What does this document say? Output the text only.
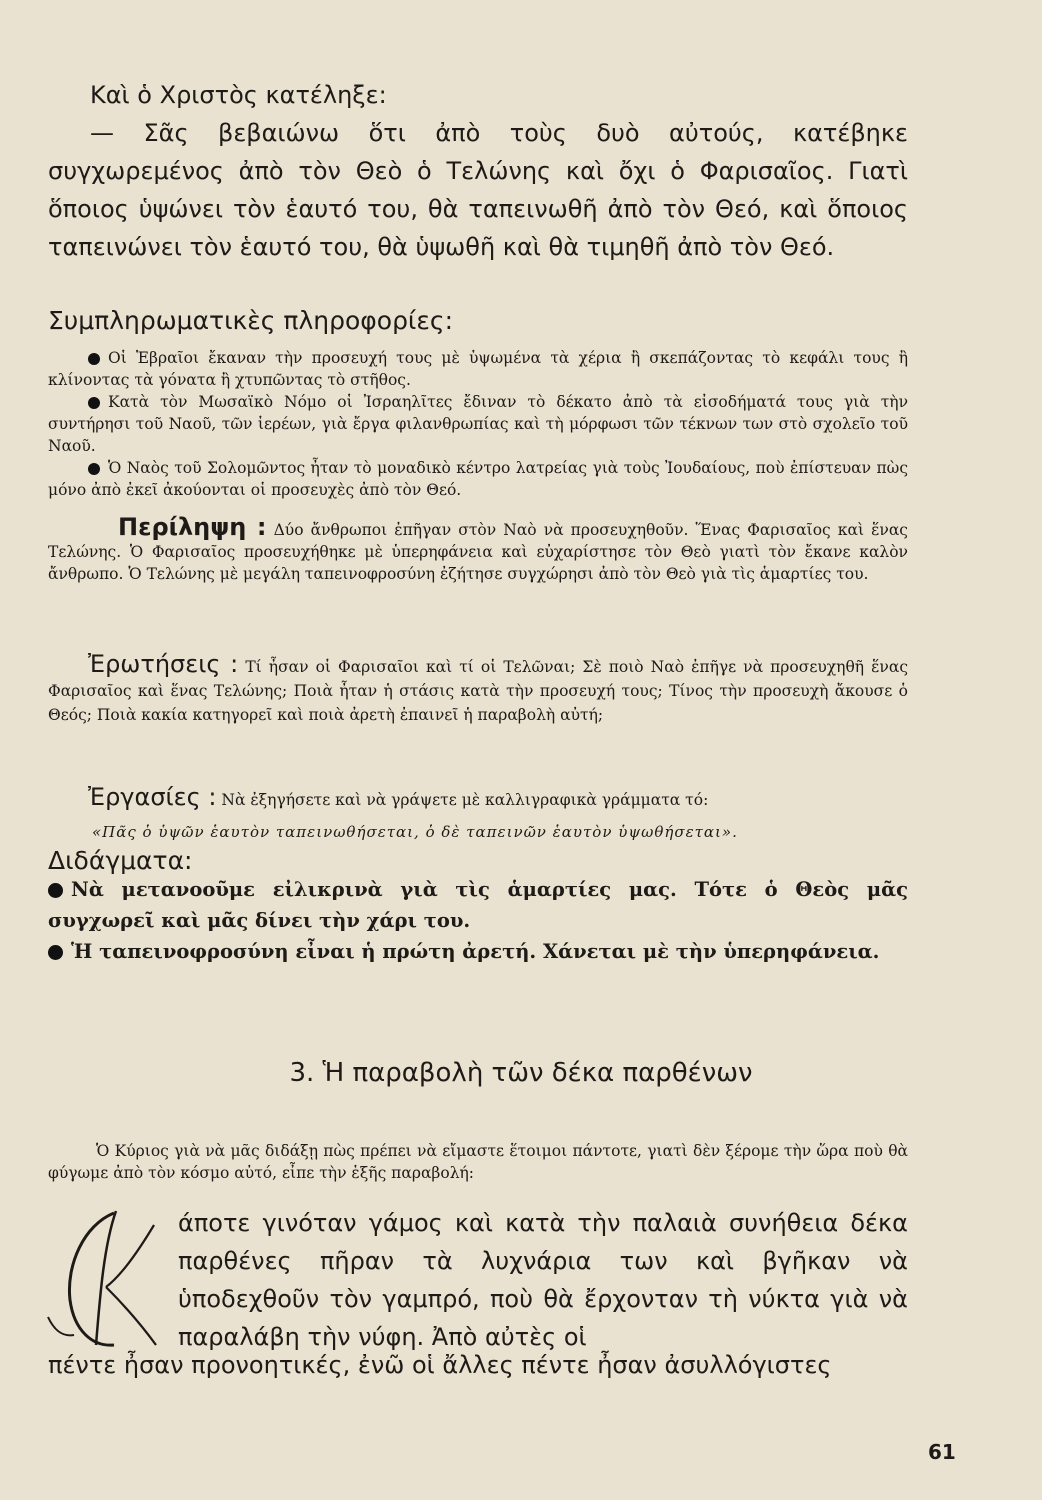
Καὶ ὁ Χριστὸς κατέληξε:

— Σᾶς βεβαιώνω ὅτι ἀπὸ τοὺς δυὸ αὐτούς, κατέβηκε συγχωρεμένος ἀπὸ τὸν Θεὸ ὁ Τελώνης καὶ ὄχι ὁ Φαρισαῖος. Γιατὶ ὅποιος ὑψώνει τὸν ἑαυτό του, θὰ ταπεινωθῆ ἀπὸ τὸν Θεό, καὶ ὅποιος ταπεινώνει τὸν ἑαυτό του, θὰ ὑψωθῆ καὶ θὰ τιμηθῆ ἀπὸ τὸν Θεό.

Συμπληρωματικὲς πληροφορίες:

Οἱ Ἑβραῖοι ἔκαναν τὴν προσευχή τους μὲ ὑψωμένα τὰ χέρια ἢ σκεπάζοντας τὸ κεφάλι τους ἢ κλίνοντας τὰ γόνατα ἢ χτυπῶντας τὸ στῆθος.

Κατὰ τὸν Μωσαϊκὸ Νόμο οἱ Ἰσραηλῖτες ἔδιναν τὸ δέκατο ἀπὸ τὰ εἰσοδήματά τους γιὰ τὴν συντήρησι τοῦ Ναοῦ, τῶν ἱερέων, γιὰ ἔργα φιλανθρωπίας καὶ τὴ μόρφωσι τῶν τέκνων των στὸ σχολεῖο τοῦ Ναοῦ.

Ὁ Ναὸς τοῦ Σολομῶντος ἦταν τὸ μοναδικὸ κέντρο λατρείας γιὰ τοὺς Ἰουδαίους, ποὺ ἐπίστευαν πὼς μόνο ἀπὸ ἐκεῖ ἀκούονται οἱ προσευχὲς ἀπὸ τὸν Θεό.

Περίληψη : Δύο ἄνθρωποι ἐπῆγαν στὸν Ναὸ νὰ προσευχηθοῦν. Ἕνας Φαρισαῖος καὶ ἕνας Τελώνης. Ὁ Φαρισαῖος προσευχήθηκε μὲ ὑπερηφάνεια καὶ εὐχαρίστησε τὸν Θεὸ γιατὶ τὸν ἔκανε καλὸν ἄνθρωπο. Ὁ Τελώνης μὲ μεγάλη ταπεινοφροσύνη ἐζήτησε συγχώρησι ἀπὸ τὸν Θεὸ γιὰ τὶς ἁμαρτίες του.

Ἐρωτήσεις : Τί ἦσαν οἱ Φαρισαῖοι καὶ τί οἱ Τελῶναι; Σὲ ποιὸ Ναὸ ἐπῆγε νὰ προσευχηθῆ ἕνας Φαρισαῖος καὶ ἕνας Τελώνης; Ποιὰ ἦταν ἡ στάσις κατὰ τὴν προσευχή τους; Τίνος τὴν προσευχὴ ἄκουσε ὁ Θεός; Ποιὰ κακία κατηγορεῖ καὶ ποιὰ ἀρετὴ ἐπαινεῖ ἡ παραβολὴ αὐτή;

Ἐργασίες : Νὰ ἐξηγήσετε καὶ νὰ γράψετε μὲ καλλιγραφικὰ γράμματα τό:

«Πᾶς ὁ ὑψῶν ἑαυτὸν ταπεινωθήσεται, ὁ δὲ ταπεινῶν ἑαυτὸν ὑψωθήσεται».
Διδάγματα:

Νὰ μετανοοῦμε εἰλικρινὰ γιὰ τὶς ἁμαρτίες μας. Τότε ὁ Θεὸς μᾶς συγχωρεῖ καὶ μᾶς δίνει τὴν χάρι του.

Ἡ ταπεινοφροσύνη εἶναι ἡ πρώτη ἀρετή. Χάνεται μὲ τὴν ὑπερηφάνεια.

3. Ἡ παραβολὴ τῶν δέκα παρθένων

Ὁ Κύριος γιὰ νὰ μᾶς διδάξῃ πὼς πρέπει νὰ εἴμαστε ἕτοιμοι πάντοτε, γιατὶ δὲν ξέρομε τὴν ὥρα ποὺ θὰ φύγωμε ἀπὸ τὸν κόσμο αὐτό, εἶπε τὴν ἑξῆς παραβολή:

άποτε γινόταν γάμος καὶ κατὰ τὴν παλαιὰ συνήθεια δέκα παρθένες πῆραν τὰ λυχνάρια των καὶ βγῆκαν νὰ ὑποδεχθοῦν τὸν γαμπρό, ποὺ θὰ ἔρχονταν τὴ νύκτα γιὰ νὰ παραλάβη τὴν νύφη. Ἀπὸ αὐτὲς οἱ
πέντε ἦσαν προνοητικές, ἐνῶ οἱ ἄλλες πέντε ἦσαν ἀσυλλόγιστες
61
